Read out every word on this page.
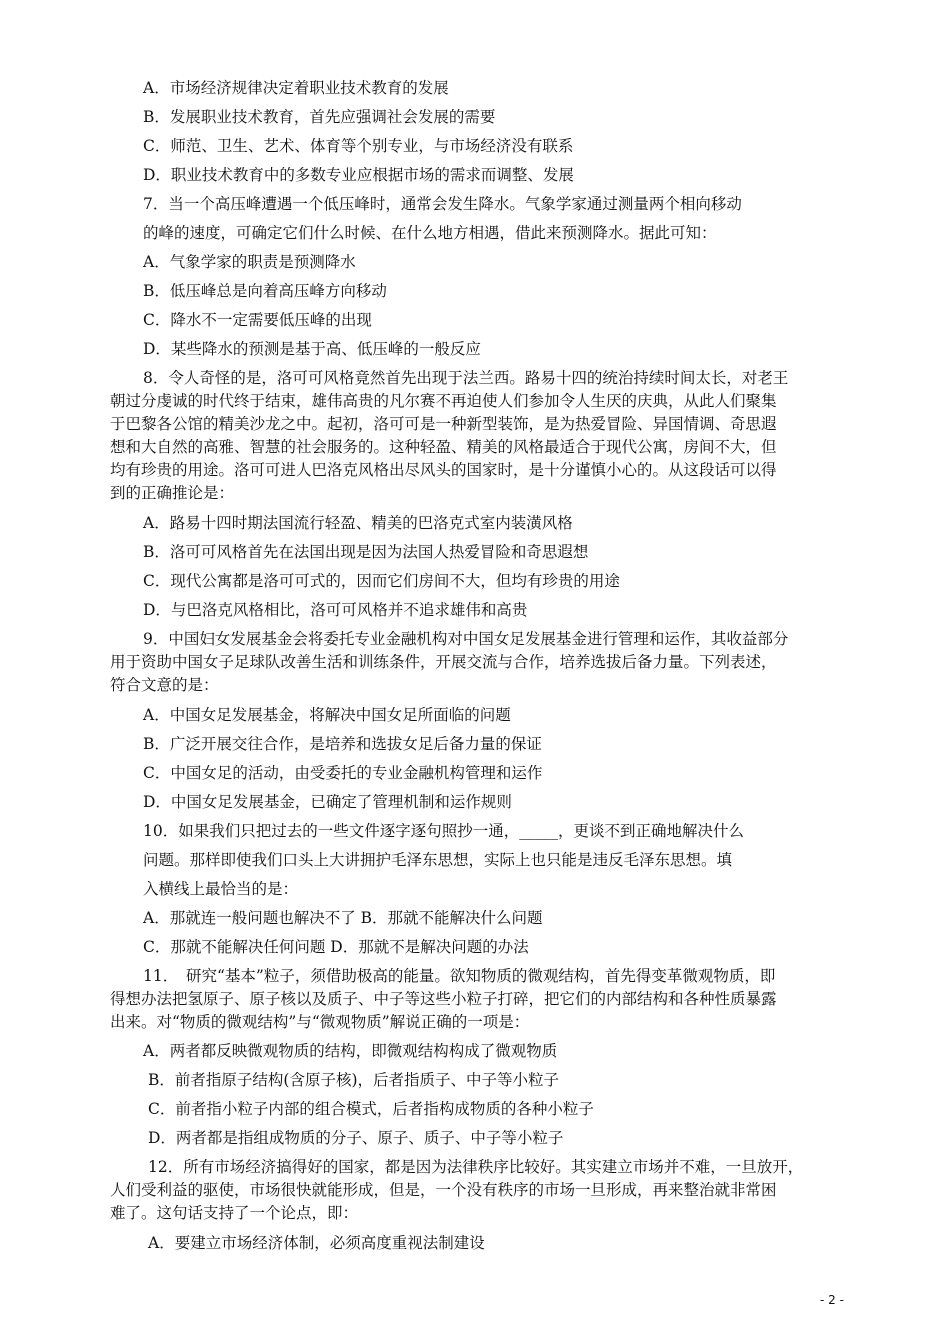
A．市场经济规律决定着职业技术教育的发展
B．发展职业技术教育，首先应强调社会发展的需要
C．师范、卫生、艺术、体育等个别专业，与市场经济没有联系
D．职业技术教育中的多数专业应根据市场的需求而调整、发展
7．当一个高压峰遭遇一个低压峰时，通常会发生降水。气象学家通过测量两个相向移动
的峰的速度，可确定它们什么时候、在什么地方相遇，借此来预测降水。据此可知：
A．气象学家的职责是预测降水
B．低压峰总是向着高压峰方向移动
C．降水不一定需要低压峰的出现
D．某些降水的预测是基于高、低压峰的一般反应
8．令人奇怪的是，洛可可风格竟然首先出现于法兰西。路易十四的统治持续时间太长，对老王
朝过分虔诚的时代终于结束，雄伟高贵的凡尔赛不再迫使人们参加令人生厌的庆典，从此人们聚集
于巴黎各公馆的精美沙龙之中。起初，洛可可是一种新型装饰，是为热爱冒险、异国情调、奇思遐
想和大自然的高雅、智慧的社会服务的。这种轻盈、精美的风格最适合于现代公寓，房间不大，但
均有珍贵的用途。洛可可进人巴洛克风格出尽风头的国家时，是十分谨慎小心的。从这段话可以得
到的正确推论是：
A．路易十四时期法国流行轻盈、精美的巴洛克式室内装潢风格
B．洛可可风格首先在法国出现是因为法国人热爱冒险和奇思遐想
C．现代公寓都是洛可可式的，因而它们房间不大，但均有珍贵的用途
D．与巴洛克风格相比，洛可可风格并不追求雄伟和高贵
9．中国妇女发展基金会将委托专业金融机构对中国女足发展基金进行管理和运作，其收益部分
用于资助中国女子足球队改善生活和训练条件，开展交流与合作，培养选拔后备力量。下列表述，
符合文意的是：
A．中国女足发展基金，将解决中国女足所面临的问题
B．广泛开展交往合作，是培养和选拔女足后备力量的保证
C．中国女足的活动，由受委托的专业金融机构管理和运作
D．中国女足发展基金，已确定了管理机制和运作规则
10．如果我们只把过去的一些文件逐字逐句照抄一通，_____，更谈不到正确地解决什么
问题。那样即使我们口头上大讲拥护毛泽东思想，实际上也只能是违反毛泽东思想。填
入横线上最恰当的是：
A．那就连一般问题也解决不了 B．那就不能解决什么问题
C．那就不能解决任何问题 D．那就不是解决问题的办法
11．　研究“基本”粒子，须借助极高的能量。欲知物质的微观结构，首先得变革微观物质，即
得想办法把氢原子、原子核以及质子、中子等这些小粒子打碎，把它们的内部结构和各种性质暴露
出来。对“物质的微观结构”与“微观物质”解说正确的一项是：
A．两者都反映微观物质的结构，即微观结构构成了微观物质
B．前者指原子结构(含原子核)，后者指质子、中子等小粒子
C．前者指小粒子内部的组合模式，后者指构成物质的各种小粒子
D．两者都是指组成物质的分子、原子、质子、中子等小粒子
12．所有市场经济搞得好的国家，都是因为法律秩序比较好。其实建立市场并不难，一旦放开，
人们受利益的驱使，市场很快就能形成，但是，一个没有秩序的市场一旦形成，再来整治就非常困
难了。这句话支持了一个论点，即：
A．要建立市场经济体制，必须高度重视法制建设
- 2 -
